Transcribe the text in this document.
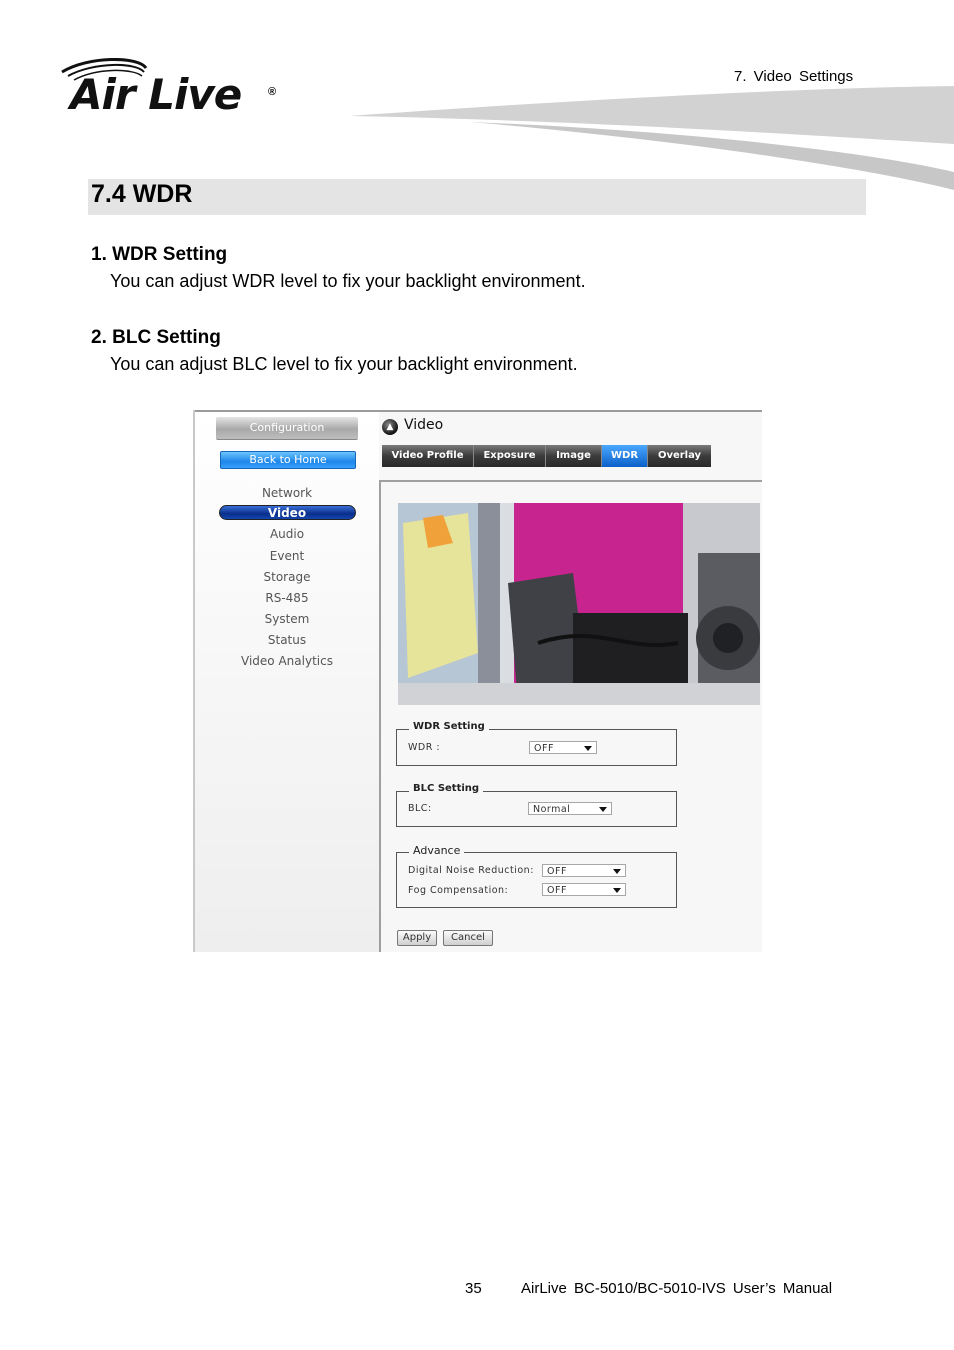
Air Live ®
7. Video Settings
7.4 WDR
1. WDR Setting
You can adjust WDR level to fix your backlight environment.
2. BLC Setting
You can adjust BLC level to fix your backlight environment.
Configuration
Back to Home
Network
Video
Audio
Event
Storage
RS-485
System
Status
Video Analytics
▲ Video
Video Profile	Exposure	Image	WDR	Overlay
WDR Setting
WDR :	OFF
BLC Setting
BLC:	Normal
Advance
Digital Noise Reduction:	OFF
Fog Compensation:	OFF
Apply	Cancel
35	AirLive BC-5010/BC-5010-IVS User’s Manual
